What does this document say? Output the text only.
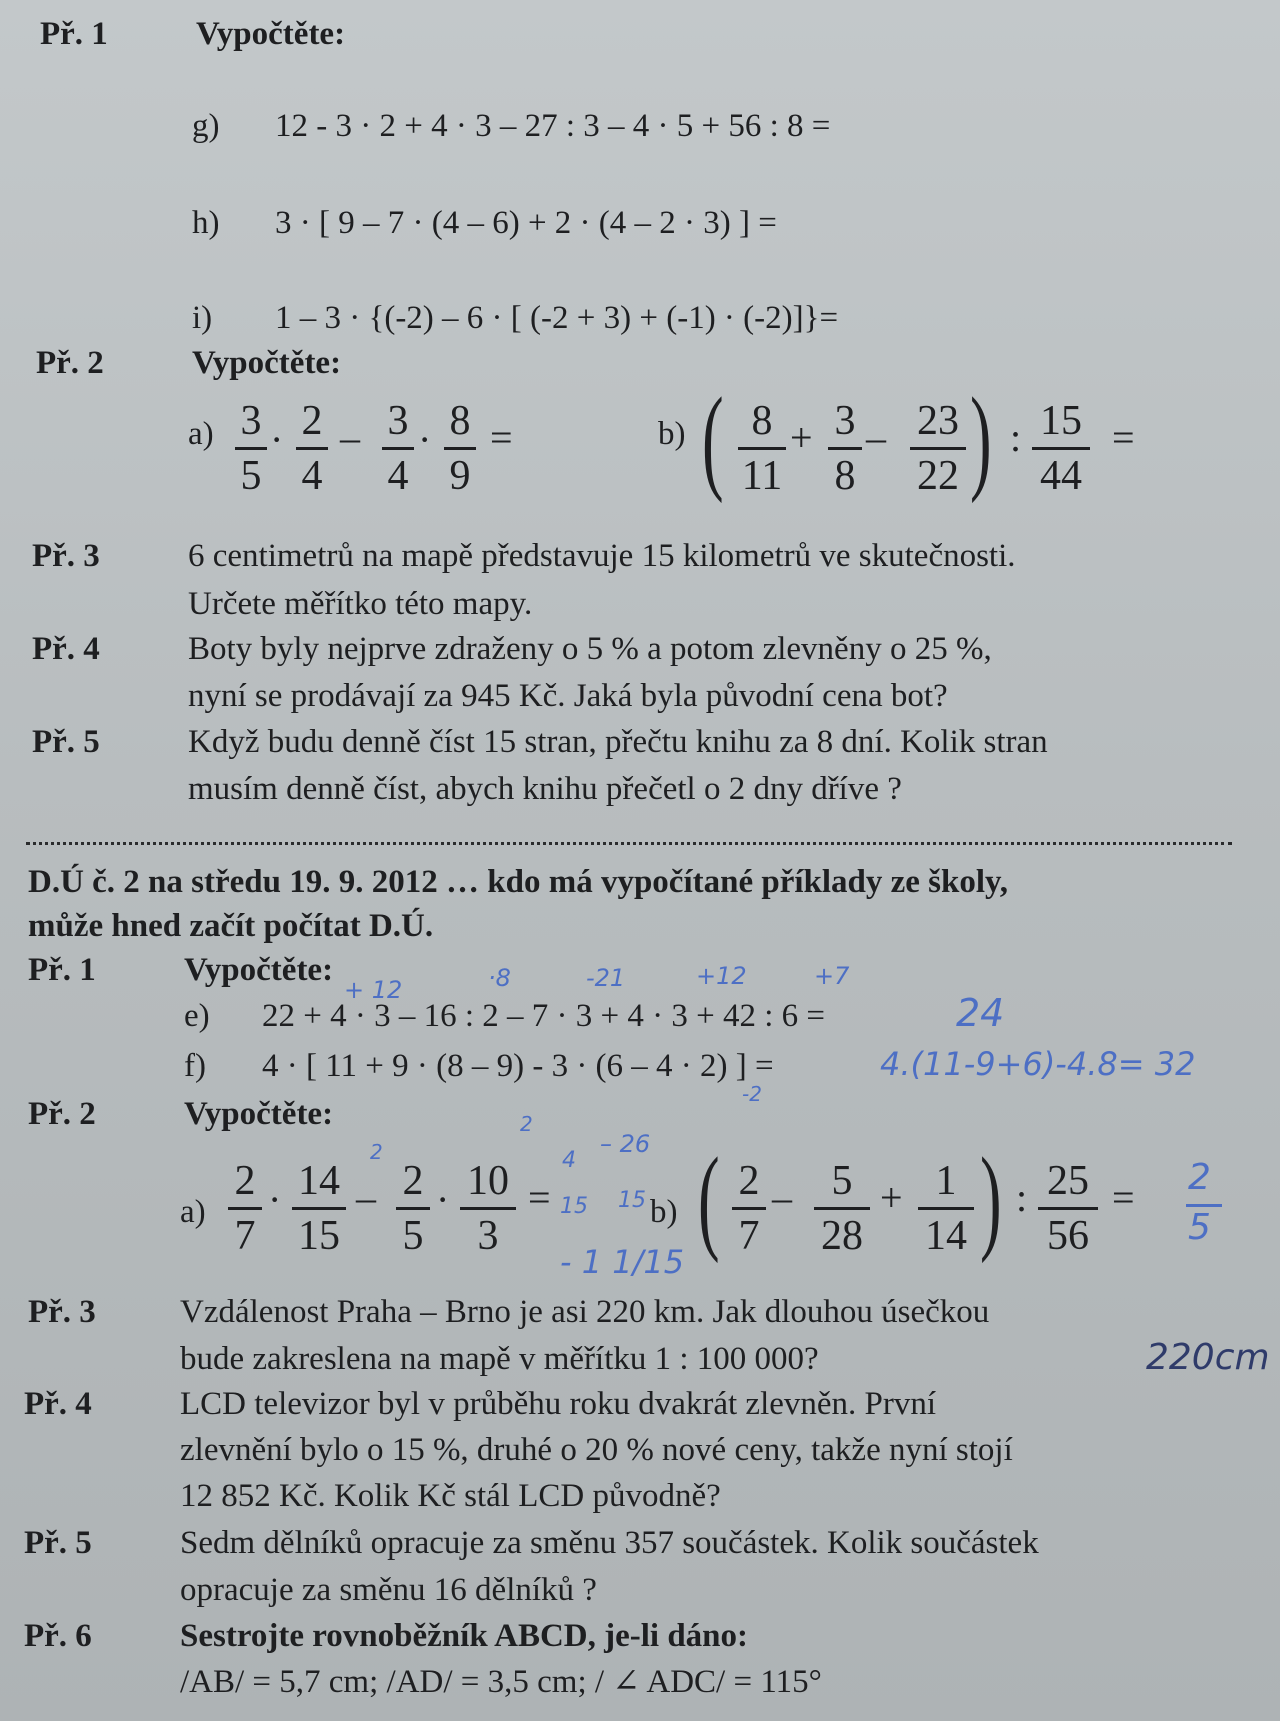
Př. 1	Vypočtěte:
g) 12 - 3 · 2 + 4 · 3 – 27 : 3 – 4 · 5 + 56 : 8 =
h) 3 · [ 9 – 7 · (4 – 6) + 2 · (4 – 2 · 3) ] =
i) 1 – 3 · {(-2) – 6 · [ (-2 + 3) + (-1) · (-2)]}=
Př. 2	Vypočtěte:
$a) \frac{3}{5} \cdot \frac{2}{4} - \frac{3}{4} \cdot \frac{8}{9}$ =	b) ( $\frac{8}{11} + \frac{3}{8} - \frac{23}{22}$ ) : $\frac{15}{44}$ =
Př. 3	6 centimetrů na mapě představuje 15 kilometrů ve skutečnosti.
Určete měřítko této mapy.
Př. 4	Boty byly nejprve zdraženy o 5 % a potom zlevněny o 25 %,
nyní se prodávají za 945 Kč. Jaká byla původní cena bot?
Př. 5	Když budu denně číst 15 stran, přečtu knihu za 8 dní. Kolik stran
musím denně číst, abych knihu přečetl o 2 dny dříve ?
D.Ú č. 2 na středu 19. 9. 2012 … kdo má vypočítané příklady ze školy,
může hned začít počítat D.Ú.
Př. 1	Vypočtěte:
e) 22 + 4 · 3 – 16 : 2 – 7 · 3 + 4 · 3 + 42 : 6 =
f) 4 · [ 11 + 9 · (8 – 9) - 3 · (6 – 4 · 2) ] =
Př. 2	Vypočtěte:
$a) \frac{2}{7} \cdot \frac{14}{15} - \frac{2}{5} \cdot \frac{10}{3}$ =	b) ( $\frac{2}{7} - \frac{5}{28} + \frac{1}{14}$ ) : $\frac{25}{56}$ =
Př. 3	Vzdálenost Praha – Brno je asi 220 km. Jak dlouhou úsečkou
bude zakreslena na mapě v měřítku 1 : 100 000?
Př. 4	LCD televizor byl v průběhu roku dvakrát zlevněn. První
zlevnění bylo o 15 %, druhé o 20 % nové ceny, takže nyní stojí
12 852 Kč. Kolik Kč stál LCD původně?
Př. 5	Sedm dělníků opracuje za směnu 357 součástek. Kolik součástek
opracuje za směnu 16 dělníků ?
Př. 6	Sestrojte rovnoběžník ABCD, je-li dáno:
/AB/ = 5,7 cm; /AD/ = 3,5 cm; / ∠ ADC/ = 115°
+ 12	·8	-21	+12	+7
24
4.(11-9+6)-4.8= 32
-2
2
2
4
15
– 26
15
- 1 1/15
2
5
220cm
